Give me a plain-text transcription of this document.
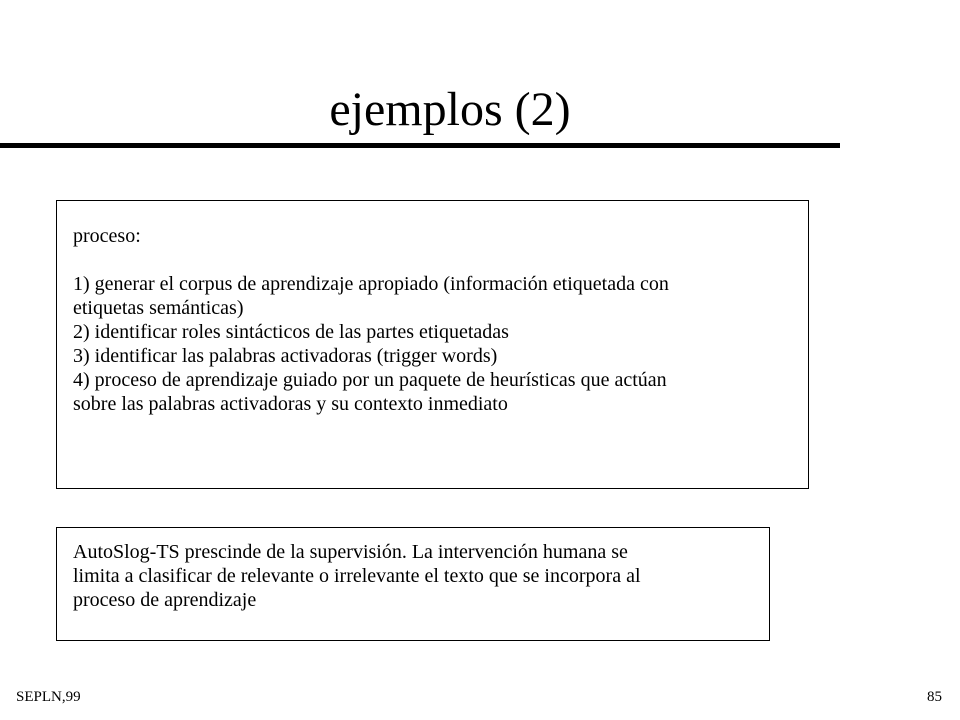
ejemplos (2)
proceso:
1) generar el corpus de aprendizaje apropiado (información etiquetada con
etiquetas semánticas)
2) identificar roles sintácticos de las partes etiquetadas
3) identificar las palabras activadoras (trigger words)
4) proceso de aprendizaje guiado por un paquete de heurísticas que actúan
sobre las palabras activadoras y su contexto inmediato
AutoSlog-TS prescinde de la supervisión. La intervención humana se
limita a clasificar de relevante o irrelevante el texto que se incorpora al
proceso de aprendizaje
SEPLN,99	85
